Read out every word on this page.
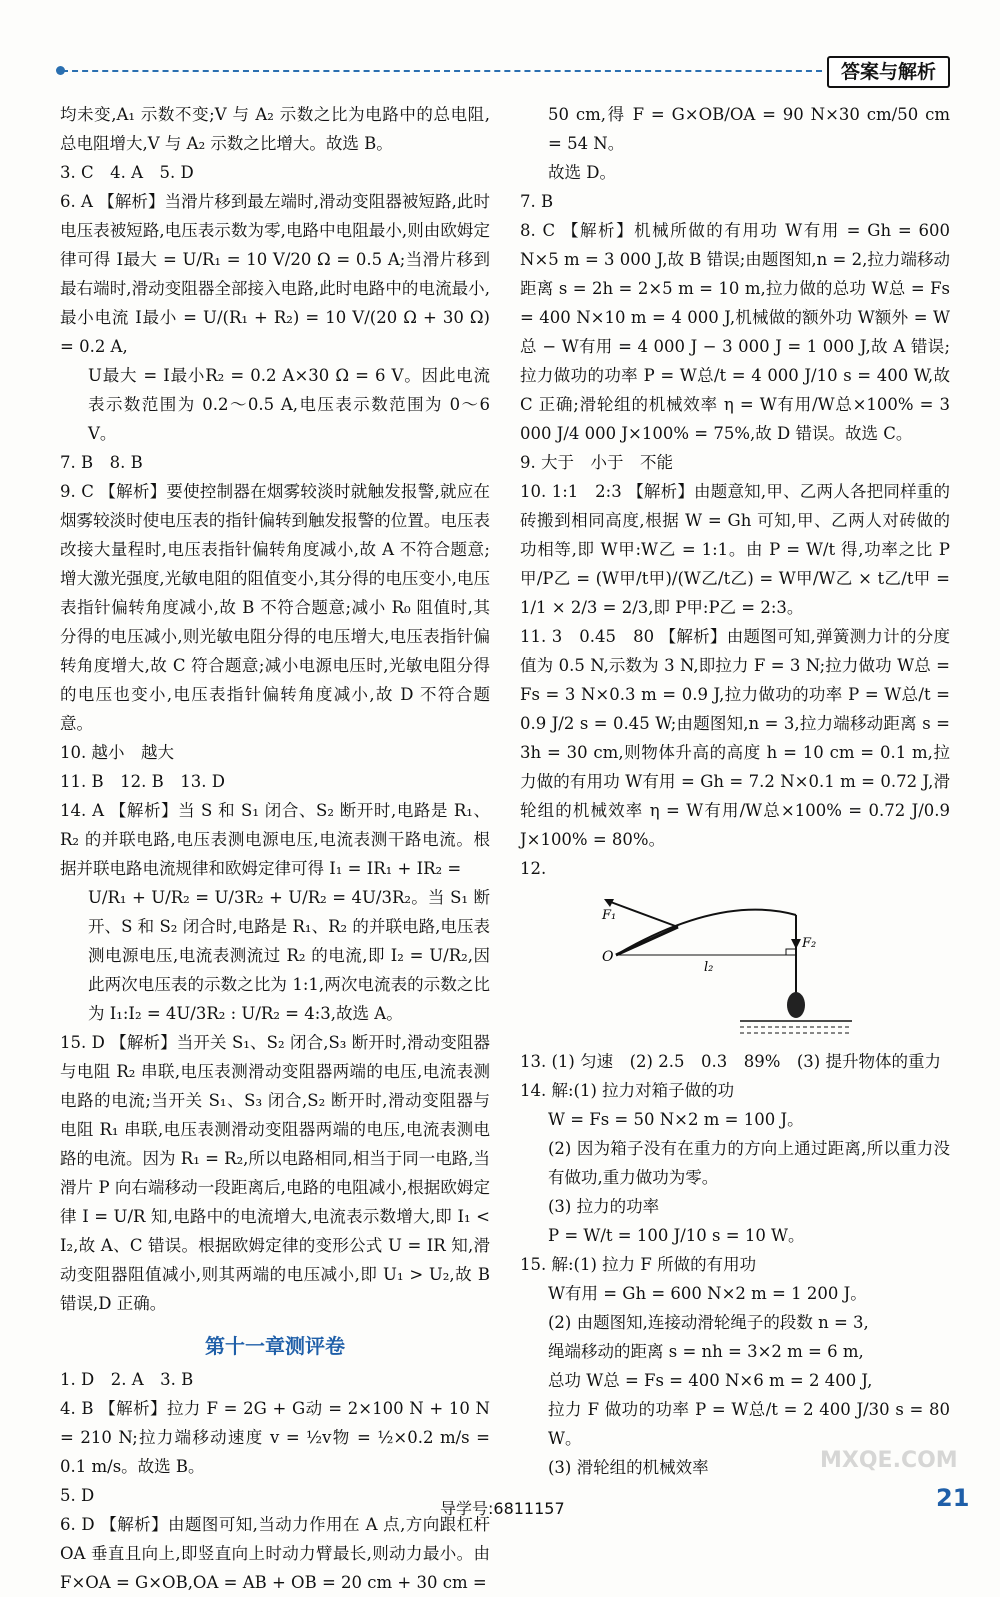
答案与解析

均未变,A₁ 示数不变;V 与 A₂ 示数之比为电路中的总电阻,总电阻增大,V 与 A₂ 示数之比增大。故选 B。

3. C　4. A　5. D

6. A 【解析】当滑片移到最左端时,滑动变阻器被短路,此时电压表被短路,电压表示数为零,电路中电阻最小,则由欧姆定律可得 I最大 = U/R₁ = 10 V/20 Ω = 0.5 A;当滑片移到最右端时,滑动变阻器全部接入电路,此时电路中的电流最小,最小电流 I最小 = U/(R₁ + R₂) = 10 V/(20 Ω + 30 Ω) = 0.2 A,

U最大 = I最小R₂ = 0.2 A×30 Ω = 6 V。因此电流表示数范围为 0.2～0.5 A,电压表示数范围为 0～6 V。

7. B　8. B

9. C 【解析】要使控制器在烟雾较淡时就触发报警,就应在烟雾较淡时使电压表的指针偏转到触发报警的位置。电压表改接大量程时,电压表指针偏转角度减小,故 A 不符合题意;增大激光强度,光敏电阻的阻值变小,其分得的电压变小,电压表指针偏转角度减小,故 B 不符合题意;减小 R₀ 阻值时,其分得的电压减小,则光敏电阻分得的电压增大,电压表指针偏转角度增大,故 C 符合题意;减小电源电压时,光敏电阻分得的电压也变小,电压表指针偏转角度减小,故 D 不符合题意。

10. 越小　越大

11. B　12. B　13. D

14. A 【解析】当 S 和 S₁ 闭合、S₂ 断开时,电路是 R₁、R₂ 的并联电路,电压表测电源电压,电流表测干路电流。根据并联电路电流规律和欧姆定律可得 I₁ = IR₁ + IR₂ =

U/R₁ + U/R₂ = U/3R₂ + U/R₂ = 4U/3R₂。当 S₁ 断开、S 和 S₂ 闭合时,电路是 R₁、R₂ 的并联电路,电压表测电源电压,电流表测流过 R₂ 的电流,即 I₂ = U/R₂,因此两次电压表的示数之比为 1:1,两次电流表的示数之比为 I₁:I₂ = 4U/3R₂ : U/R₂ = 4:3,故选 A。

15. D 【解析】当开关 S₁、S₂ 闭合,S₃ 断开时,滑动变阻器与电阻 R₂ 串联,电压表测滑动变阻器两端的电压,电流表测电路的电流;当开关 S₁、S₃ 闭合,S₂ 断开时,滑动变阻器与电阻 R₁ 串联,电压表测滑动变阻器两端的电压,电流表测电路的电流。因为 R₁ = R₂,所以电路相同,相当于同一电路,当滑片 P 向右端移动一段距离后,电路的电阻减小,根据欧姆定律 I = U/R 知,电路中的电流增大,电流表示数增大,即 I₁ < I₂,故 A、C 错误。根据欧姆定律的变形公式 U = IR 知,滑动变阻器阻值减小,则其两端的电压减小,即 U₁ > U₂,故 B 错误,D 正确。

第十一章测评卷

1. D　2. A　3. B

4. B 【解析】拉力 F = 2G + G动 = 2×100 N + 10 N = 210 N;拉力端移动速度 v = ½v物 = ½×0.2 m/s = 0.1 m/s。故选 B。

5. D

6. D 【解析】由题图可知,当动力作用在 A 点,方向跟杠杆 OA 垂直且向上,即竖直向上时动力臂最长,则动力最小。由 F×OA = G×OB,OA = AB + OB = 20 cm + 30 cm =

50 cm,得 F = G×OB/OA = 90 N×30 cm/50 cm = 54 N。

故选 D。

7. B

8. C 【解析】机械所做的有用功 W有用 = Gh = 600 N×5 m = 3 000 J,故 B 错误;由题图知,n = 2,拉力端移动距离 s = 2h = 2×5 m = 10 m,拉力做的总功 W总 = Fs = 400 N×10 m = 4 000 J,机械做的额外功 W额外 = W总 − W有用 = 4 000 J − 3 000 J = 1 000 J,故 A 错误;拉力做功的功率 P = W总/t = 4 000 J/10 s = 400 W,故 C 正确;滑轮组的机械效率 η = W有用/W总×100% = 3 000 J/4 000 J×100% = 75%,故 D 错误。故选 C。

9. 大于　小于　不能

10. 1:1　2:3 【解析】由题意知,甲、乙两人各把同样重的砖搬到相同高度,根据 W = Gh 可知,甲、乙两人对砖做的功相等,即 W甲:W乙 = 1:1。由 P = W/t 得,功率之比 P甲/P乙 = (W甲/t甲)/(W乙/t乙) = W甲/W乙 × t乙/t甲 = 1/1 × 2/3 = 2/3,即 P甲:P乙 = 2:3。

11. 3　0.45　80 【解析】由题图可知,弹簧测力计的分度值为 0.5 N,示数为 3 N,即拉力 F = 3 N;拉力做功 W总 = Fs = 3 N×0.3 m = 0.9 J,拉力做功的功率 P = W总/t = 0.9 J/2 s = 0.45 W;由题图知,n = 3,拉力端移动距离 s = 3h = 30 cm,则物体升高的高度 h = 10 cm = 0.1 m,拉力做的有用功 W有用 = Gh = 7.2 N×0.1 m = 0.72 J,滑轮组的机械效率 η = W有用/W总×100% = 0.72 J/0.9 J×100% = 80%。

12.

F₁
F₂
O
l₂

13. (1) 匀速　(2) 2.5　0.3　89%　(3) 提升物体的重力

14. 解:(1) 拉力对箱子做的功

W = Fs = 50 N×2 m = 100 J。

(2) 因为箱子没有在重力的方向上通过距离,所以重力没有做功,重力做功为零。

(3) 拉力的功率

P = W/t = 100 J/10 s = 10 W。

15. 解:(1) 拉力 F 所做的有用功

W有用 = Gh = 600 N×2 m = 1 200 J。

(2) 由题图知,连接动滑轮绳子的段数 n = 3,

绳端移动的距离 s = nh = 3×2 m = 6 m,

总功 W总 = Fs = 400 N×6 m = 2 400 J,

拉力 F 做功的功率 P = W总/t = 2 400 J/30 s = 80 W。

(3) 滑轮组的机械效率

导学号:6811157	21
MXQE.COM
